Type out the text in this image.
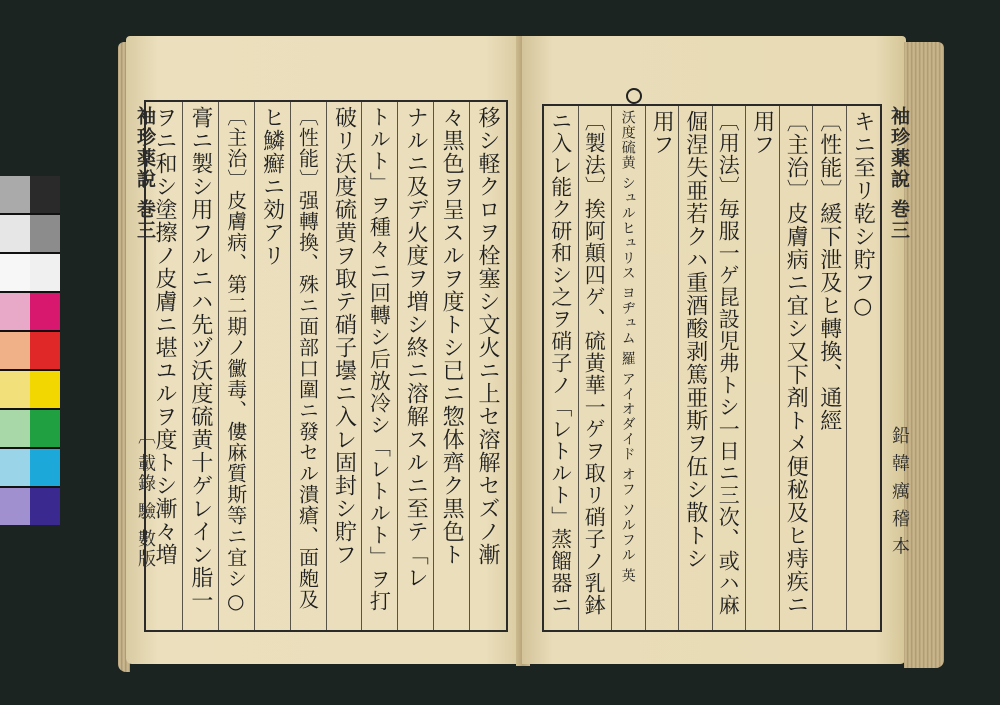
移シ軽クロヲ栓塞シ文火ニ上セ溶解セズノ漸
々黒色ヲ呈スルヲ度トシ已ニ惣体齊ク黒色ト
ナルニ及デ火度ヲ増シ終ニ溶解スルニ至テ「レ
トルト」ヲ種々ニ回轉シ后放冷シ「レトルト」ヲ打
破リ沃度硫黄ヲ取テ硝子壜ニ入レ固封シ貯フ
〔性能〕强轉換、殊ニ面部口圍ニ發セル潰瘡、面皰及
ヒ鱗癬ニ効アリ
〔主治〕皮膚病、第二期ノ黴毒、僂麻質斯等ニ宜シ○
膏ニ製シ用フルニハ先ヅ沃度硫黄十ゲレイン脂一
ヲニ和シ塗擦ノ皮膚ニ堪ユルヲ度トシ漸々増	キニ至リ乾シ貯フ○
〔性能〕緩下泄及ヒ轉換、通經
〔主治〕皮膚病ニ宜シ又下剤トメ便秘及ヒ痔疾ニ
用フ
〔用法〕毎服一ゲ昆設児弗トシ一日ニ三次、或ハ麻
倔涅失亜若クハ重酒酸剥篤亜斯ヲ伍シ散トシ
用フ
沃度硫黄 シュルヒュリス ヨヂュム 羅 アイオダイド オフ ソルフル 英
〔製法〕挨阿顛四ゲ、硫黄華一ゲヲ取リ硝子ノ乳鉢
ニ入レ能ク研和シ之ヲ硝子ノ「レトルト」蒸餾器ニ
袖珍薬說 巻三
〔 載錄 驗 數版
袖珍薬說 巻三
鉛 韓 癘 稽 本
